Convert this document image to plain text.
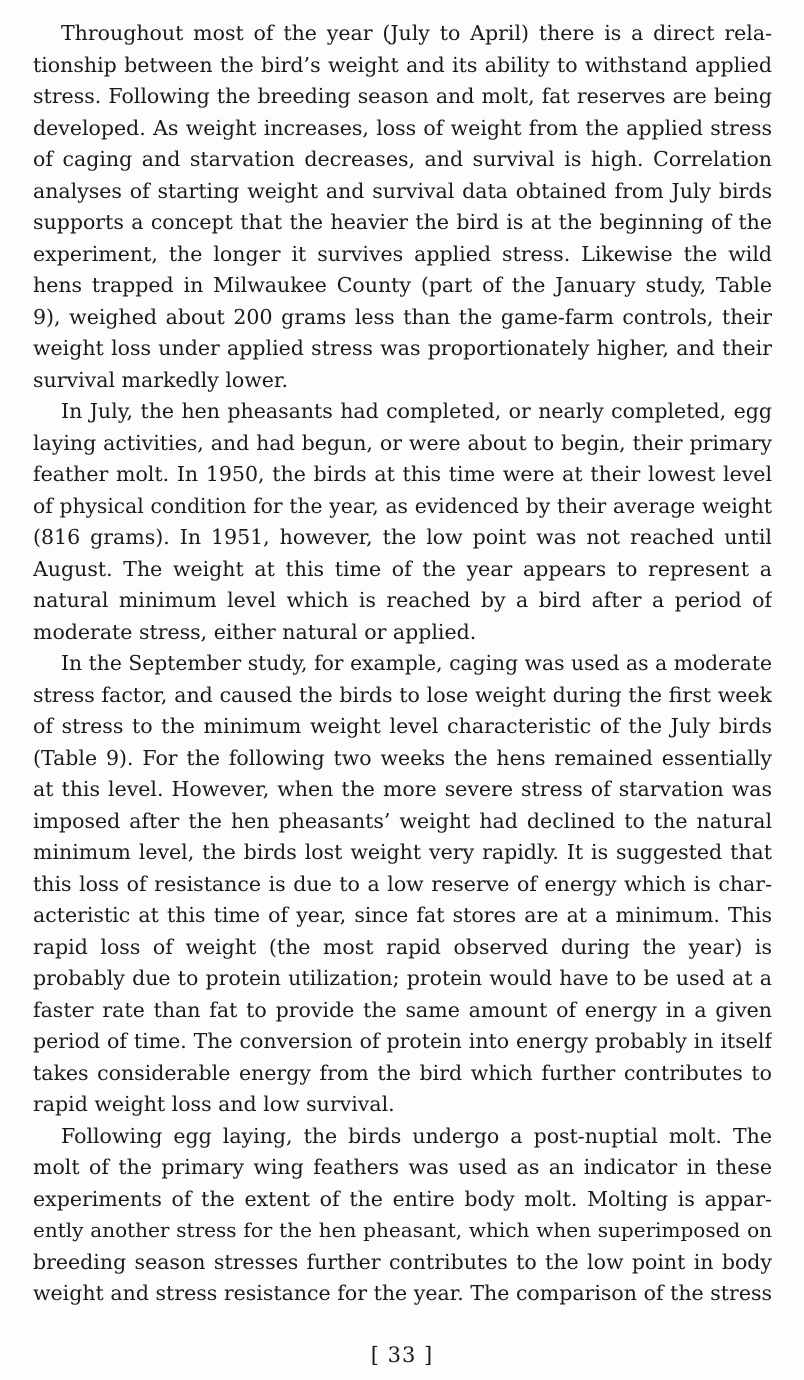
Throughout most of the year (July to April) there is a direct rela-
tionship between the bird’s weight and its ability to withstand applied
stress. Following the breeding season and molt, fat reserves are being
developed. As weight increases, loss of weight from the applied stress
of caging and starvation decreases, and survival is high. Correlation
analyses of starting weight and survival data obtained from July birds
supports a concept that the heavier the bird is at the beginning of the
experiment, the longer it survives applied stress. Likewise the wild
hens trapped in Milwaukee County (part of the January study, Table
9), weighed about 200 grams less than the game-farm controls, their
weight loss under applied stress was proportionately higher, and their
survival markedly lower.
In July, the hen pheasants had completed, or nearly completed, egg
laying activities, and had begun, or were about to begin, their primary
feather molt. In 1950, the birds at this time were at their lowest level
of physical condition for the year, as evidenced by their average weight
(816 grams). In 1951, however, the low point was not reached until
August. The weight at this time of the year appears to represent a
natural minimum level which is reached by a bird after a period of
moderate stress, either natural or applied.
In the September study, for example, caging was used as a moderate
stress factor, and caused the birds to lose weight during the first week
of stress to the minimum weight level characteristic of the July birds
(Table 9). For the following two weeks the hens remained essentially
at this level. However, when the more severe stress of starvation was
imposed after the hen pheasants’ weight had declined to the natural
minimum level, the birds lost weight very rapidly. It is suggested that
this loss of resistance is due to a low reserve of energy which is char-
acteristic at this time of year, since fat stores are at a minimum. This
rapid loss of weight (the most rapid observed during the year) is
probably due to protein utilization; protein would have to be used at a
faster rate than fat to provide the same amount of energy in a given
period of time. The conversion of protein into energy probably in itself
takes considerable energy from the bird which further contributes to
rapid weight loss and low survival.
Following egg laying, the birds undergo a post-nuptial molt. The
molt of the primary wing feathers was used as an indicator in these
experiments of the extent of the entire body molt. Molting is appar-
ently another stress for the hen pheasant, which when superimposed on
breeding season stresses further contributes to the low point in body
weight and stress resistance for the year. The comparison of the stress
[ 33 ]
